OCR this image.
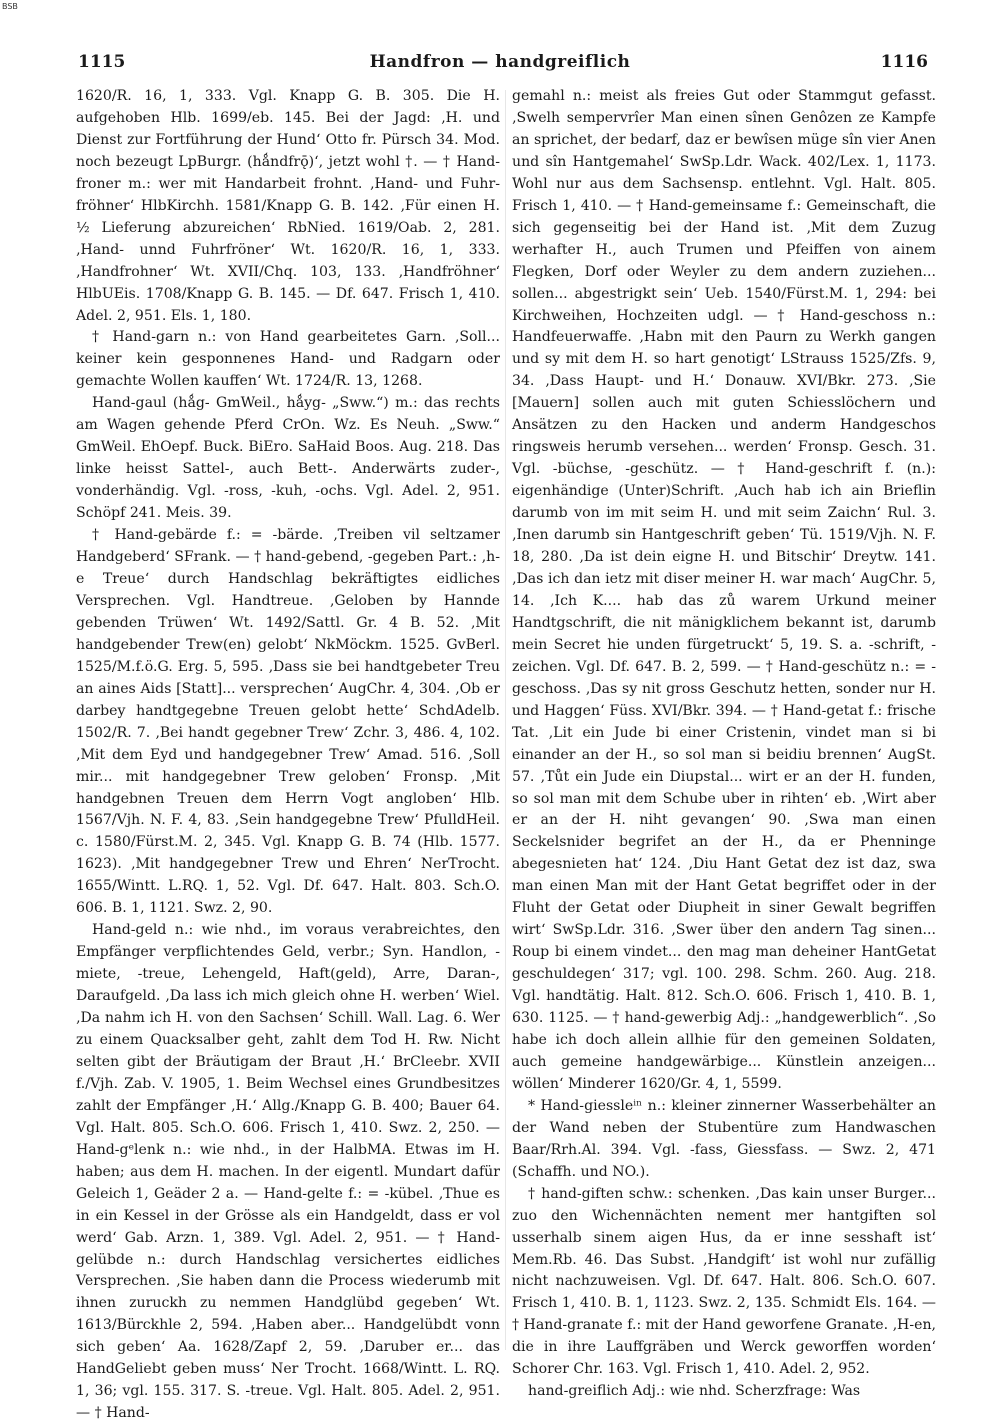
BSB
1115	Handfron — handgreiflich	1116

1620/R. 16, 1, 333. Vgl. Knapp G. B. 305. Die H. aufgehoben Hlb. 1699/eb. 145. Bei der Jagd: ‚H. und Dienst zur Fortführung der Hund‘ Otto fr. Pürsch 34. Mod. noch bezeugt LpBurgr. (hǻndfrǭ)‘, jetzt wohl †. — † Hand-froner m.: wer mit Handarbeit frohnt. ‚Hand- und Fuhr-fröhner‘ HlbKirchh. 1581/Knapp G. B. 142. ‚Für einen H. ½ Lieferung abzureichen‘ RbNied. 1619/Oab. 2, 281. ‚Hand- unnd Fuhrfröner‘ Wt. 1620/R. 16, 1, 333. ‚Handfrohner‘ Wt. XVII/Chq. 103, 133. ‚Handfröhner‘ HlbUEis. 1708/Knapp G. B. 145. — Df. 647. Frisch 1, 410. Adel. 2, 951. Els. 1, 180.

† Hand-garn n.: von Hand gearbeitetes Garn. ‚Soll... keiner kein gesponnenes Hand- und Radgarn oder gemachte Wollen kauffen‘ Wt. 1724/R. 13, 1268.

Hand-gaul (hǻg- GmWeil., hǻyg- „Sww.“) m.: das rechts am Wagen gehende Pferd CrOn. Wz. Es Neuh. „Sww.“ GmWeil. EhOepf. Buck. BiEro. SaHaid Boos. Aug. 218. Das linke heisst Sattel-, auch Bett-. Anderwärts zuder-, vonderhändig. Vgl. -ross, -kuh, -ochs. Vgl. Adel. 2, 951. Schöpf 241. Meis. 39.

† Hand-gebärde f.: = -bärde. ‚Treiben vil seltzamer Handgeberd‘ SFrank. — † hand-gebend, -gegeben Part.: ‚h-e Treue‘ durch Handschlag bekräftigtes eidliches Versprechen. Vgl. Handtreue. ‚Geloben by Hannde gebenden Trüwen‘ Wt. 1492/Sattl. Gr. 4 B. 52. ‚Mit handgebender Trew(en) gelobt‘ NkMöckm. 1525. GvBerl. 1525/M.f.ö.G. Erg. 5, 595. ‚Dass sie bei handtgebeter Treu an aines Aids [Statt]... versprechen‘ AugChr. 4, 304. ‚Ob er darbey handtgegebne Treuen gelobt hette‘ SchdAdelb. 1502/R. 7. ‚Bei handt gegebner Trew‘ Zchr. 3, 486. 4, 102. ‚Mit dem Eyd und handgegebner Trew‘ Amad. 516. ‚Soll mir... mit handgegebner Trew geloben‘ Fronsp. ‚Mit handgebnen Treuen dem Herrn Vogt angloben‘ Hlb. 1567/Vjh. N. F. 4, 83. ‚Sein handgegebne Trew‘ PfulldHeil. c. 1580/Fürst.M. 2, 345. Vgl. Knapp G. B. 74 (Hlb. 1577. 1623). ‚Mit handgegebner Trew und Ehren‘ NerTrocht. 1655/Wintt. L.RQ. 1, 52. Vgl. Df. 647. Halt. 803. Sch.O. 606. B. 1, 1121. Swz. 2, 90.

Hand-geld n.: wie nhd., im voraus verabreichtes, den Empfänger verpflichtendes Geld, verbr.; Syn. Handlon, -miete, -treue, Lehengeld, Haft(geld), Arre, Daran-, Daraufgeld. ‚Da lass ich mich gleich ohne H. werben‘ Wiel. ‚Da nahm ich H. von den Sachsen‘ Schill. Wall. Lag. 6. Wer zu einem Quacksalber geht, zahlt dem Tod H. Rw. Nicht selten gibt der Bräutigam der Braut ‚H.‘ BrCleebr. XVII f./Vjh. Zab. V. 1905, 1. Beim Wechsel eines Grundbesitzes zahlt der Empfänger ‚H.‘ Allg./Knapp G. B. 400; Bauer 64. Vgl. Halt. 805. Sch.O. 606. Frisch 1, 410. Swz. 2, 250. — Hand-gᵉlenk n.: wie nhd., in der HalbMA. Etwas im H. haben; aus dem H. machen. In der eigentl. Mundart dafür Geleich 1, Geäder 2 a. — Hand-gelte f.: = -kübel. ‚Thue es in ein Kessel in der Grösse als ein Handgeldt, dass er vol werd‘ Gab. Arzn. 1, 389. Vgl. Adel. 2, 951. — † Hand-gelübde n.: durch Handschlag versichertes eidliches Versprechen. ‚Sie haben dann die Process wiederumb mit ihnen zuruckh zu nemmen Handglübd gegeben‘ Wt. 1613/Bürckhle 2, 594. ‚Haben aber... Handgelübdt vonn sich geben‘ Aa. 1628/Zapf 2, 59. ‚Daruber er... das HandGeliebt geben muss‘ Ner Trocht. 1668/Wintt. L. RQ. 1, 36; vgl. 155. 317. S. -treue. Vgl. Halt. 805. Adel. 2, 951. — † Hand-

gemahl n.: meist als freies Gut oder Stammgut gefasst. ‚Swelh sempervrîer Man einen sînen Genôzen ze Kampfe an sprichet, der bedarf, daz er bewîsen müge sîn vier Anen und sîn Hantgemahel‘ SwSp.Ldr. Wack. 402/Lex. 1, 1173. Wohl nur aus dem Sachsensp. entlehnt. Vgl. Halt. 805. Frisch 1, 410. — † Hand-gemeinsame f.: Gemeinschaft, die sich gegenseitig bei der Hand ist. ‚Mit dem Zuzug werhafter H., auch Trumen und Pfeiffen von ainem Flegken, Dorf oder Weyler zu dem andern zuziehen... sollen... abgestrigkt sein‘ Ueb. 1540/Fürst.M. 1, 294: bei Kirchweihen, Hochzeiten udgl. — † Hand-geschoss n.: Handfeuerwaffe. ‚Habn mit den Paurn zu Werkh gangen und sy mit dem H. so hart genotigt‘ LStrauss 1525/Zfs. 9, 34. ‚Dass Haupt- und H.‘ Donauw. XVI/Bkr. 273. ‚Sie [Mauern] sollen auch mit guten Schiesslöchern und Ansätzen zu den Hacken und anderm Handgeschos ringsweis herumb versehen... werden‘ Fronsp. Gesch. 31. Vgl. -büchse, -geschütz. — † Hand-geschrift f. (n.): eigenhändige (Unter)Schrift. ‚Auch hab ich ain Brieflin darumb von im mit seim H. und mit seim Zaichn‘ Rul. 3. ‚Inen darumb sin Hantgeschrift geben‘ Tü. 1519/Vjh. N. F. 18, 280. ‚Da ist dein eigne H. und Bitschir‘ Dreytw. 141. ‚Das ich dan ietz mit diser meiner H. war mach‘ AugChr. 5, 14. ‚Ich K.... hab das zů warem Urkund meiner Handtgschrift, die nit mänigklichem bekannt ist, darumb mein Secret hie unden fürgetruckt‘ 5, 19. S. a. -schrift, -zeichen. Vgl. Df. 647. B. 2, 599. — † Hand-geschütz n.: = -geschoss. ‚Das sy nit gross Geschutz hetten, sonder nur H. und Haggen‘ Füss. XVI/Bkr. 394. — † Hand-getat f.: frische Tat. ‚Lit ein Jude bi einer Cristenin, vindet man si bi einander an der H., so sol man si beidiu brennen‘ AugSt. 57. ‚Tůt ein Jude ein Diupstal... wirt er an der H. funden, so sol man mit dem Schube uber in rihten‘ eb. ‚Wirt aber er an der H. niht gevangen‘ 90. ‚Swa man einen Seckelsnider begrifet an der H., da er Phenninge abegesnieten hat‘ 124. ‚Diu Hant Getat dez ist daz, swa man einen Man mit der Hant Getat begriffet oder in der Fluht der Getat oder Diupheit in siner Gewalt begriffen wirt‘ SwSp.Ldr. 316. ‚Swer über den andern Tag sinen... Roup bi einem vindet... den mag man deheiner HantGetat geschuldegen‘ 317; vgl. 100. 298. Schm. 260. Aug. 218. Vgl. handtätig. Halt. 812. Sch.O. 606. Frisch 1, 410. B. 1, 630. 1125. — † hand-gewerbig Adj.: „handgewerblich“. ‚So habe ich doch allein allhie für den gemeinen Soldaten, auch gemeine handgewärbige... Künstlein anzeigen... wöllen‘ Minderer 1620/Gr. 4, 1, 5599.

* Hand-giessleⁱⁿ n.: kleiner zinnerner Wasserbehälter an der Wand neben der Stubentüre zum Handwaschen Baar/Rrh.Al. 394. Vgl. -fass, Giessfass. — Swz. 2, 471 (Schaffh. und NO.).

† hand-giften schw.: schenken. ‚Das kain unser Burger... zuo den Wichennächten nement mer hantgiften sol usserhalb sinem aigen Hus, da er inne sesshaft ist‘ Mem.Rb. 46. Das Subst. ‚Handgift‘ ist wohl nur zufällig nicht nachzuweisen. Vgl. Df. 647. Halt. 806. Sch.O. 607. Frisch 1, 410. B. 1, 1123. Swz. 2, 135. Schmidt Els. 164. — † Hand-granate f.: mit der Hand geworfene Granate. ‚H-en, die in ihre Lauffgräben und Werck geworffen worden‘ Schorer Chr. 163. Vgl. Frisch 1, 410. Adel. 2, 952.

hand-greiflich Adj.: wie nhd. Scherzfrage: Was
